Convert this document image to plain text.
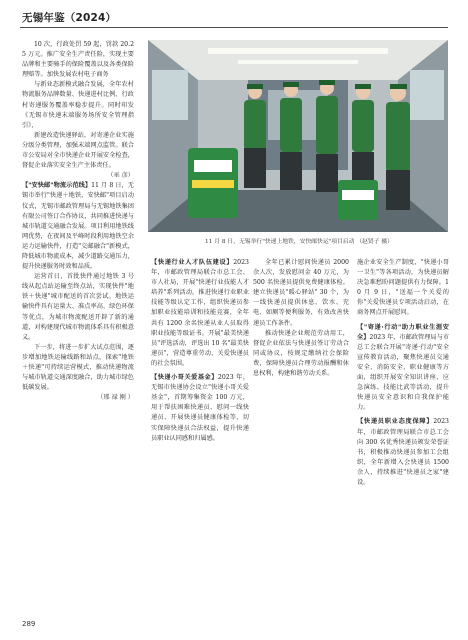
无锡年鉴（2024）

10 次，行政处罚 59 起，罚款 20.25 万元。推广安全生产责任险，实现主要品牌和主要骑手的保险覆盖以及各类保险理赔等。加快发展农村电子商务

与新业态新模式融合发展，全年农村物流服务品牌数量、快递进村比例、行政村寄递服务覆盖率稳步提升。同时印发《无锡市快递末端服务场所安全管理指引》，

新建改造快递驿站，对寄递企业实施分级分类管理，加强末端网点监管。联合市公安局对全市快递企业开展安全检查，督促企业落实安全生产主体责任。

（巫 彦）

【"安快邮"物流示范线】11 月 8 日，无锡市举行"快递＋地铁，安快邮"项目启动仪式，无锡市邮政管理局与无锡地铁集团有限公司签订合作协议，共同推进快递与城市轨道交通融合发展。项目利用地铁线网优势，在夜间及平峰时段利用地铁空余运力运输快件，打造"交邮融合"新模式，降低城市物流成本，减少道路交通压力，提升快递服务时效和品质。

运营首日，首批快件通过地铁 3 号线从起点站运输至终点站，实现快件"地铁＋快递"城市配送的首次尝试。地铁运输快件具有运量大、准点率高、绿色环保等优点，为城市物流配送开辟了新的通道，对构建现代城市物流体系具有积极意义。

下一步，将进一步扩大试点范围，逐步增加地铁运输线路和站点，探索"地铁＋快递"可持续运营模式，推动快递物流与城市轨道交通深度融合，助力城市绿色低碳发展。

（邢 禄 刚 ）

11 月 8 日，无锡举行"快递上地铁，安快邮快运"项目启动 （赵贤子 摄）

【快递行业人才队伍建设】2023 年，市邮政管理局联合市总工会、市人社局，开展"快递行业技能人才培养"系列活动，推进快递行业职业技能等级认定工作，组织快递员参加职业技能培训和技能竞赛，全年共有 1200 余名快递从业人员取得职业技能等级证书。开展"最美快递员"评选活动，评选出 10 名"最美快递员"，营造尊重劳动、关爱快递员的社会氛围。

【快递小哥关爱基金】2023 年，无锡市快递协会设立"快递小哥关爱基金"，首期筹集资金 100 万元，用于帮扶困难快递员、慰问一线快递员、开展快递员健康体检等，切实保障快递员合法权益，提升快递员职业认同感和归属感。

全年已累计慰问快递员 2000 余人次，发放慰问金 40 万元，为 500 名快递员提供免费健康体检。建立快递员"暖心驿站" 30 个，为一线快递员提供休息、饮水、充电、如厕等便利服务，有效改善快递员工作条件。

推动快递企业规范劳动用工，督促企业依法与快递员签订劳动合同或协议，按规定缴纳社会保险费，保障快递员合理劳动报酬和休息权利，构建和谐劳动关系。

施企业安全生产制度，"快递小哥一卫生"等各项活动，为快递员解决急难愁盼问题提供有力保障。10 月 9 日，"送福一个关爱的你"关爱快递员专项活动启动，在商务网点开展慰问。

【"寄递·行动"助力职业生涯安全】2023 年，市邮政管理局与市总工会联合开展"寄递·行动"安全宣传教育活动，聚焦快递员交通安全、消防安全、职业健康等方面，组织开展安全知识讲座、应急演练、技能比武等活动，提升快递员安全意识和自我保护能力。

【快递员职业态度保障】2023 年，市邮政管理局联合市总工会向 300 名优秀快递员颁发荣誉证书，积极推动快递员参加工会组织，全年新增入会快递员 1500 余人，持续推进"快递员之家"建设。

289
